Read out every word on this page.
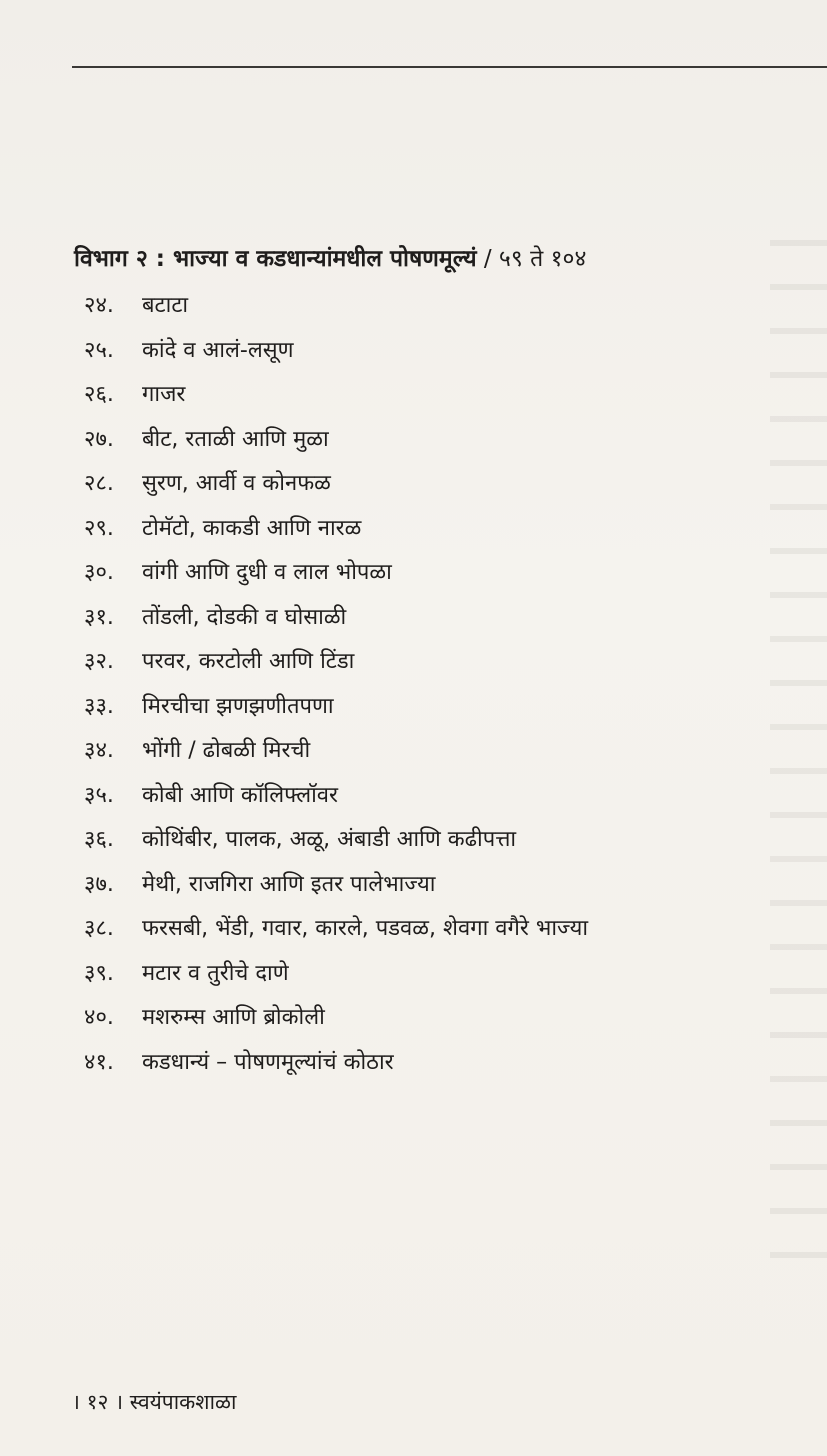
विभाग २ : भाज्या व कडधान्यांमधील पोषणमूल्यं / ५९ ते १०४
२४.	बटाटा
२५.	कांदे व आलं-लसूण
२६.	गाजर
२७.	बीट, रताळी आणि मुळा
२८.	सुरण, आर्वी व कोनफळ
२९.	टोमॅटो, काकडी आणि नारळ
३०.	वांगी आणि दुधी व लाल भोपळा
३१.	तोंडली, दोडकी व घोसाळी
३२.	परवर, करटोली आणि टिंडा
३३.	मिरचीचा झणझणीतपणा
३४.	भोंगी / ढोबळी मिरची
३५.	कोबी आणि कॉलिफ्लॉवर
३६.	कोथिंबीर, पालक, अळू, अंबाडी आणि कढीपत्ता
३७.	मेथी, राजगिरा आणि इतर पालेभाज्या
३८.	फरसबी, भेंडी, गवार, कारले, पडवळ, शेवगा वगैरे भाज्या
३९.	मटार व तुरीचे दाणे
४०.	मशरुम्स आणि ब्रोकोली
४१.	कडधान्यं – पोषणमूल्यांचं कोठार
। १२ । स्वयंपाकशाळा
